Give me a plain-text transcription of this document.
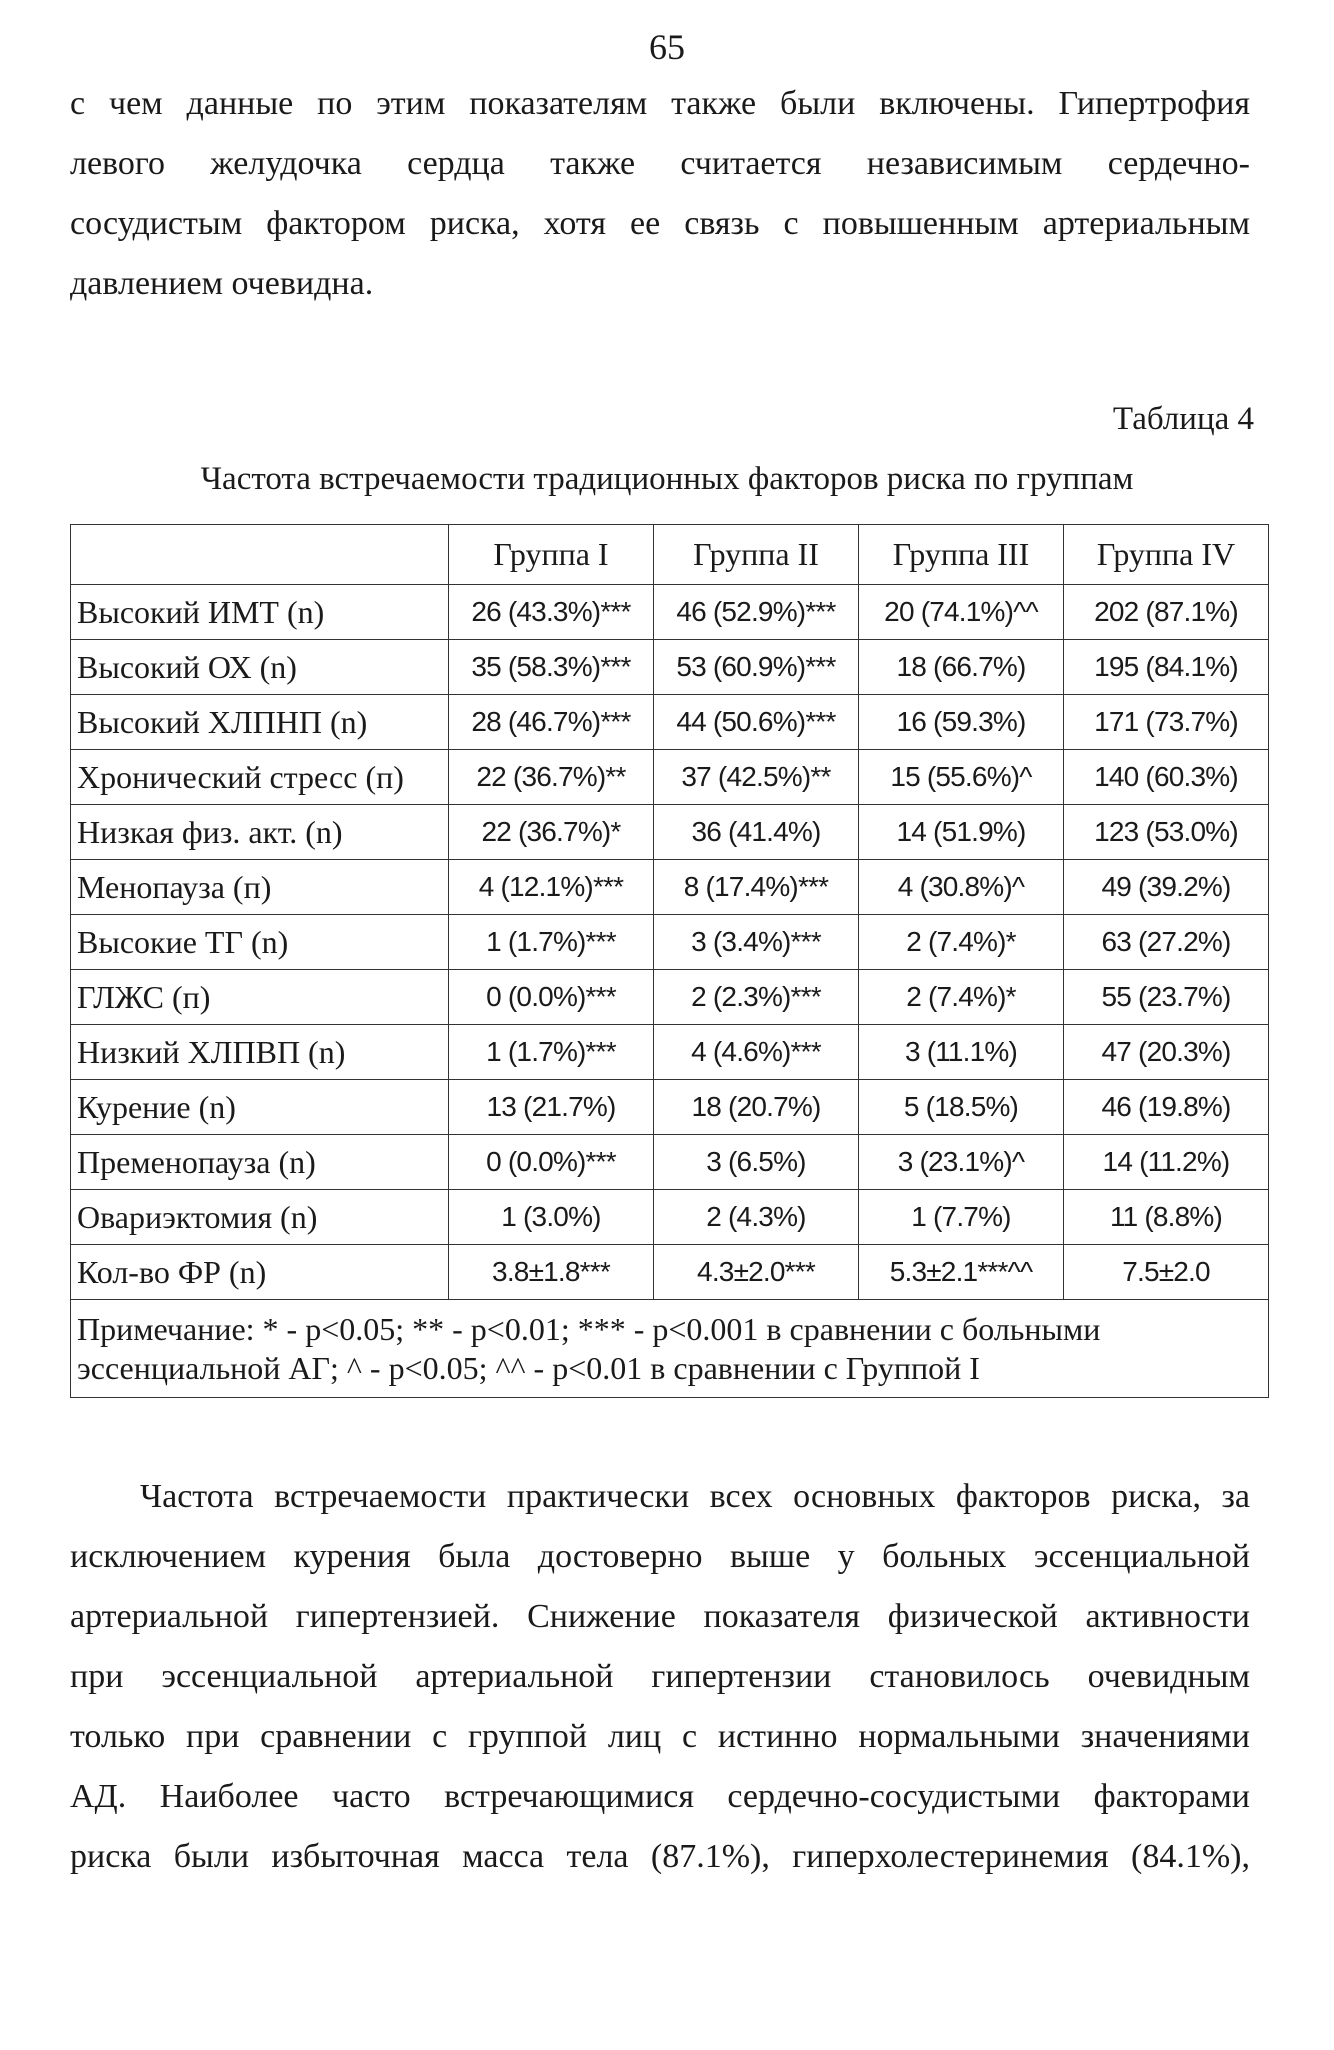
65

с чем данные по этим показателям также были включены. Гипертрофия
левого желудочка сердца также считается независимым сердечно-
сосудистым фактором риска, хотя ее связь с повышенным артериальным
давлением очевидна.

Таблица 4
Частота встречаемости традиционных факторов риска по группам
	Группа I	Группа II	Группа III	Группа IV
Высокий ИМТ (n)	26 (43.3%)***	46 (52.9%)***	20 (74.1%)^^	202 (87.1%)
Высокий ОХ (n)	35 (58.3%)***	53 (60.9%)***	18 (66.7%)	195 (84.1%)
Высокий ХЛПНП (n)	28 (46.7%)***	44 (50.6%)***	16 (59.3%)	171 (73.7%)
Хронический стресс (п)	22 (36.7%)**	37 (42.5%)**	15 (55.6%)^	140 (60.3%)
Низкая физ. акт. (n)	22 (36.7%)*	36 (41.4%)	14 (51.9%)	123 (53.0%)
Менопауза (п)	4 (12.1%)***	8 (17.4%)***	4 (30.8%)^	49 (39.2%)
Высокие ТГ (n)	1 (1.7%)***	3 (3.4%)***	2 (7.4%)*	63 (27.2%)
ГЛЖС (п)	0 (0.0%)***	2 (2.3%)***	2 (7.4%)*	55 (23.7%)
Низкий ХЛПВП (n)	1 (1.7%)***	4 (4.6%)***	3 (11.1%)	47 (20.3%)
Курение (n)	13 (21.7%)	18 (20.7%)	5 (18.5%)	46 (19.8%)
Пременопауза (n)	0 (0.0%)***	3 (6.5%)	3 (23.1%)^	14 (11.2%)
Овариэктомия (n)	1 (3.0%)	2 (4.3%)	1 (7.7%)	11 (8.8%)
Кол-во ФР (n)	3.8±1.8***	4.3±2.0***	5.3±2.1***^^	7.5±2.0
Примечание: * - p<0.05; ** - p<0.01; *** - p<0.001 в сравнении с больными
эссенциальной АГ; ^ - p<0.05; ^^ - p<0.01 в сравнении с Группой I				

Частота встречаемости практически всех основных факторов риска, за
исключением курения была достоверно выше у больных эссенциальной
артериальной гипертензией. Снижение показателя физической активности
при эссенциальной артериальной гипертензии становилось очевидным
только при сравнении с группой лиц с истинно нормальными значениями
АД. Наиболее часто встречающимися сердечно-сосудистыми факторами
риска были избыточная масса тела (87.1%), гиперхолестеринемия (84.1%),
